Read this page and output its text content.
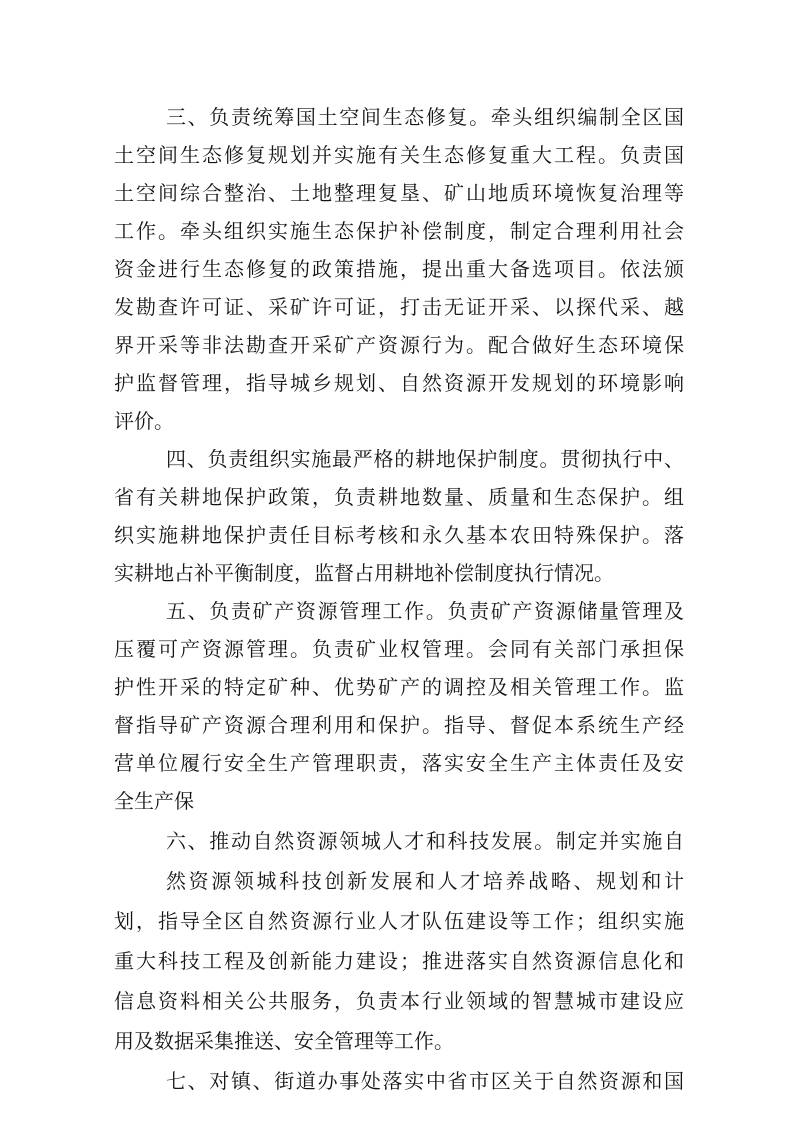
三、负责统筹国土空间生态修复。牵头组织编制全区国
土空间生态修复规划并实施有关生态修复重大工程。负责国
土空间综合整治、土地整理复垦、矿山地质环境恢复治理等
工作。牵头组织实施生态保护补偿制度，制定合理利用社会
资金进行生态修复的政策措施，提出重大备选项目。依法颁
发勘查许可证、采矿许可证，打击无证开采、以探代采、越
界开采等非法勘查开采矿产资源行为。配合做好生态环境保
护监督管理，指导城乡规划、自然资源开发规划的环境影响
评价。
四、负责组织实施最严格的耕地保护制度。贯彻执行中、
省有关耕地保护政策，负责耕地数量、质量和生态保护。组
织实施耕地保护责任目标考核和永久基本农田特殊保护。落
实耕地占补平衡制度，监督占用耕地补偿制度执行情况。
五、负责矿产资源管理工作。负责矿产资源储量管理及
压覆可产资源管理。负责矿业权管理。会同有关部门承担保
护性开采的特定矿种、优势矿产的调控及相关管理工作。监
督指导矿产资源合理利用和保护。指导、督促本系统生产经
营单位履行安全生产管理职责，落实安全生产主体责任及安
全生产保
六、推动自然资源领城人才和科技发展。制定并实施自
然资源领城科技创新发展和人才培养战略、规划和计
划，指导全区自然资源行业人才队伍建设等工作；组织实施
重大科技工程及创新能力建设；推进落实自然资源信息化和
信息资料相关公共服务，负责本行业领域的智慧城市建设应
用及数据采集推送、安全管理等工作。
七、对镇、街道办事处落实中省市区关于自然资源和国
